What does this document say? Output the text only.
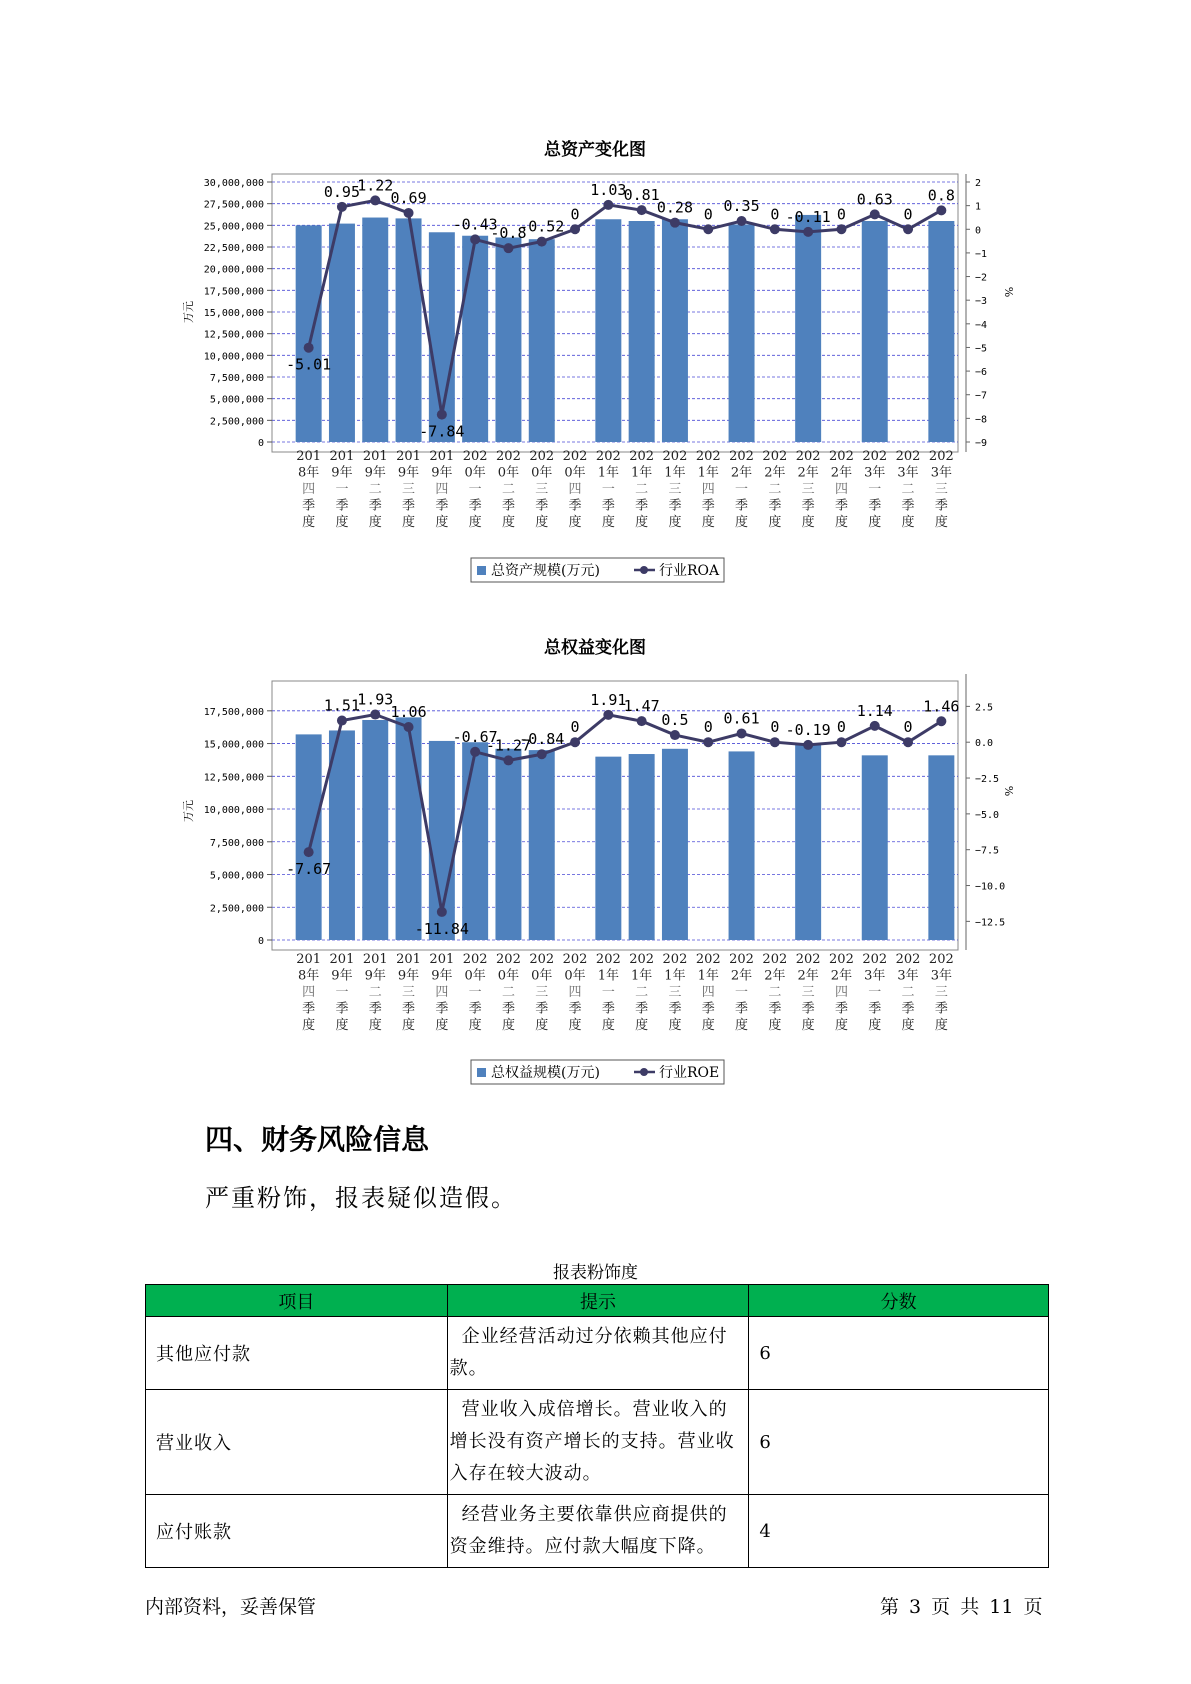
总资产变化图
30,000,000
27,500,000
25,000,000
22,500,000
20,000,000
17,500,000
15,000,000
12,500,000
10,000,000
7,500,000
5,000,000
2,500,000
0
万元
2
1
0
−1
−2
−3
−4
−5
−6
−7
−8
−9
%
-5.01
0.95
1.22
0.69
-7.84
-0.43
-0.8
-0.52
0
1.03
0.81
0.28 0 0.35 0 -0.11 0
0.63
0
0.8
201
8年
四
季
度
201
9年
一
季
度
201
9年
二
季
度
201
9年
三
季
度
201
9年
四
季
度
202
0年
一
季
度
202
0年
二
季
度
202
0年
三
季
度
202
0年
四
季
度
202
1年
一
季
度
202
1年
二
季
度
202
1年
三
季
度
202
1年
四
季
度
202
2年
一
季
度
202
2年
二
季
度
202
2年
三
季
度
202
2年
四
季
度
202
3年
一
季
度
202
3年
二
季
度
202
3年
三
季
度
总资产规模(万元)	行业ROA
总权益变化图
17,500,000
15,000,000
12,500,000
10,000,000
7,500,000
5,000,000
2,500,000
0
万元
2.5
0.0
−2.5
−5.0
−7.5
−10.0
−12.5
%
-7.67
1.51
1.93
1.06
-11.84
-0.67
-1.27
-0.84
0
1.91
1.47
0.5 0 0.61 0 -0.19 0
1.14
0
1.46
201
8年
四
季
度
201
9年
一
季
度
201
9年
二
季
度
201
9年
三
季
度
201
9年
四
季
度
202
0年
一
季
度
202
0年
二
季
度
202
0年
三
季
度
202
0年
四
季
度
202
1年
一
季
度
202
1年
二
季
度
202
1年
三
季
度
202
1年
四
季
度
202
2年
一
季
度
202
2年
二
季
度
202
2年
三
季
度
202
2年
四
季
度
202
3年
一
季
度
202
3年
二
季
度
202
3年
三
季
度
总权益规模(万元)	行业ROE
四、财务风险信息

严重粉饰，报表疑似造假。

报表粉饰度
项目	提示	分数
其他应付款	企业经营活动过分依赖其他应付款。	6
营业收入	营业收入成倍增长。营业收入的增长没有资产增长的支持。营业收入存在较大波动。	6
应付账款	经营业务主要依靠供应商提供的资金维持。应付款大幅度下降。	4
内部资料，妥善保管	第 3 页 共 11 页
